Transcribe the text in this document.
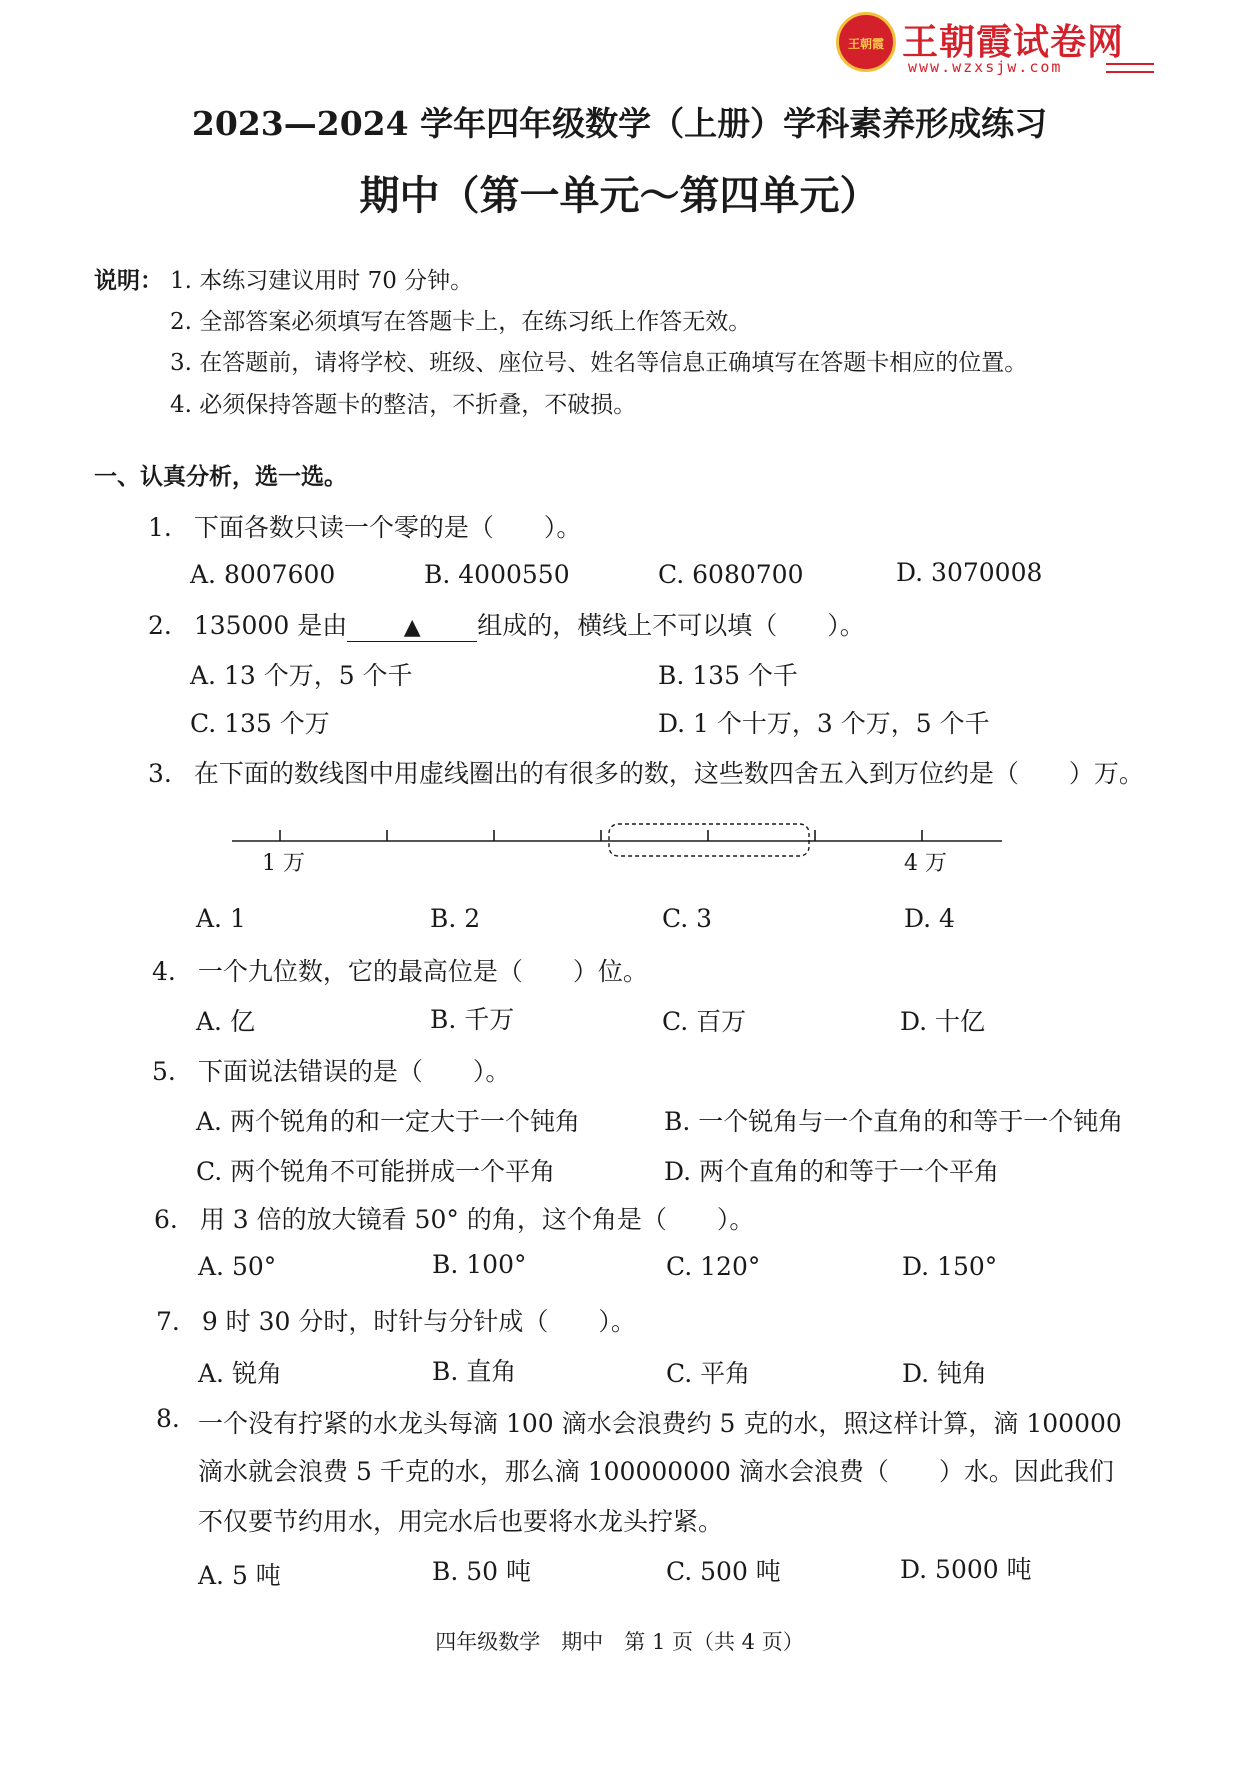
王朝霞 王朝霞试卷网
www.wzxsjw.com
2023—2024 学年四年级数学（上册）学科素养形成练习
期中（第一单元～第四单元）
说明： 1. 本练习建议用时 70 分钟。
2. 全部答案必须填写在答题卡上，在练习纸上作答无效。
3. 在答题前，请将学校、班级、座位号、姓名等信息正确填写在答题卡相应的位置。
4. 必须保持答题卡的整洁，不折叠，不破损。
一、认真分析，选一选。
1. 下面各数只读一个零的是（　　）。
A. 8007600	B. 4000550	C. 6080700	D. 3070008
2. 135000 是由	▲ 组成的，横线上不可以填（　　）。
A. 13 个万，5 个千	B. 135 个千
C. 135 个万	D. 1 个十万，3 个万，5 个千
3. 在下面的数线图中用虚线圈出的有很多的数，这些数四舍五入到万位约是（　　）万。
1 万	4 万
A. 1	B. 2	C. 3	D. 4
4. 一个九位数，它的最高位是（　　）位。
A. 亿	B. 千万	C. 百万	D. 十亿
5. 下面说法错误的是（　　）。
A. 两个锐角的和一定大于一个钝角	B. 一个锐角与一个直角的和等于一个钝角
C. 两个锐角不可能拼成一个平角	D. 两个直角的和等于一个平角
6. 用 3 倍的放大镜看 50° 的角，这个角是（　　）。
A. 50°	B. 100°	C. 120°	D. 150°
7. 9 时 30 分时，时针与分针成（　　）。
A. 锐角	B. 直角	C. 平角	D. 钝角
8. 一个没有拧紧的水龙头每滴 100 滴水会浪费约 5 克的水，照这样计算，滴 100000
滴水就会浪费 5 千克的水，那么滴 100000000 滴水会浪费（　　）水。因此我们
不仅要节约用水，用完水后也要将水龙头拧紧。
A. 5 吨	B. 50 吨	C. 500 吨	D. 5000 吨
四年级数学　期中　第 1 页（共 4 页）
